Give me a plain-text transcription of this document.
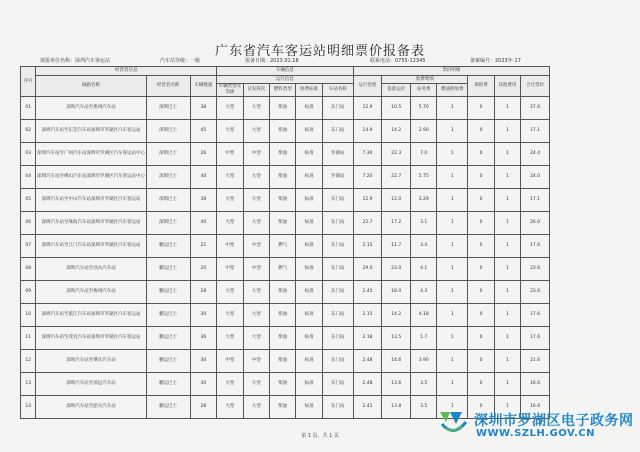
广东省汽车客运站明细票价报备表
填报单位名称：深圳汽车客运站	汽车站等级：一级	报备日期：2023.01.18	联系电话：0755-12345	备案编号：2023年-17
序号	经营者信息			车辆信息					票价明细						
	线路名称	经营者名称	车辆数量	运行信息					运行里程	收费明细			保险费	其他费用	合计票价
				车辆类型及等级	日发班次	燃料类型	收费标准	车站名称		基准运价	站务费	燃油附加费			
01	深圳汽车站至惠州汽车站	深圳巴士	38	大型	大型	柴油	标准	东门站	12.9	10.5	5.70	1	0	1	27.6
02	深圳汽车站至东莞汽车站深圳市罗湖区汽车客运站	深圳巴士	45	大型	大型	柴油	标准	东门站	14.9	14.2	2.90	1	0	1	17.1
03	深圳汽车站至广州汽车站深圳市罗湖区汽车客运站中心	深圳巴士	26	中型	中型	柴油	标准	罗湖站	7.30	22.3	7.0	1	0	1	24.4
04	深圳汽车站至佛山汽车站深圳市罗湖区汽车客运站中心	深圳巴士	40	大型	大型	柴油	标准	罗湖站	7.20	22.7	5.75	1	0	1	24.0
05	深圳汽车站至中山汽车站深圳市罗湖区汽车客运站	深圳巴士	38	大型	大型	柴油	标准	东门站	12.9	12.0	3.29	1	0	1	17.1
06	深圳汽车站至珠海汽车站深圳市罗湖区汽车客运站	深圳巴士	40	大型	大型	柴油	标准	东门站	22.7	17.2	3.1	1	0	1	26.0
07	深圳汽车站至江门汽车站深圳市罗湖区汽车客运站	鹏运巴士	22	中型	中型	燃气	标准	东门站	2.15	11.7	3.4	1	0	1	17.6
08	深圳汽车站至汕头汽车站	鹏运巴士	20	中型	中型	燃气	标准	东门站	29.0	23.0	4.1	1	0	1	23.6
09	深圳汽车站至梅州汽车站	鹏运巴士	28	大型	大型	柴油	标准	东门站	2.45	18.0	4.3	1	0	1	23.6
10	深圳汽车站至湛江汽车站深圳市罗湖区汽车客运站	鹏运巴士	30	大型	大型	柴油	标准	东门站	2.15	14.2	4.18	1	0	1	17.6
11	深圳汽车站至茂名汽车站深圳市罗湖区汽车客运站	鹏运巴士	36	大型	大型	柴油	标准	东门站	2.18	13.5	1.7	1	0	1	17.6
12	深圳汽车站至肇庆汽车站	鹏运巴士	30	中型	中型	柴油	标准	东门站	2.48	14.6	3.90	1	0	1	21.6
13	深圳汽车站至清远汽车站	鹏运巴士	30	大型	大型	柴油	标准	东门站	2.48	13.6	3.5	1	0	1	16.6
14	深圳汽车站至韶关汽车站	鹏运巴士	28	大型	大型	柴油	标准	东门站	2.41	13.8	3.5	1	0	1	16.6
第 1 页，共 1 页
深圳市罗湖区电子政务网
WWW.SZLH.GOV.CN
